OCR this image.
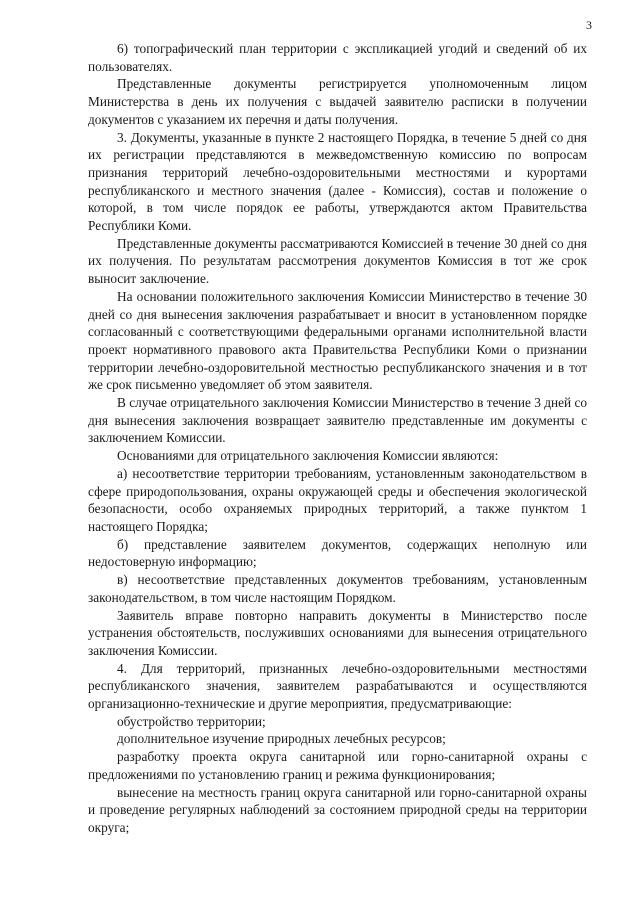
3

6) топографический план территории с экспликацией угодий и сведений об их пользователях.

Представленные документы регистрируется уполномоченным лицом Министерства в день их получения с выдачей заявителю расписки в получении документов с указанием их перечня и даты получения.

3. Документы, указанные в пункте 2 настоящего Порядка, в течение 5 дней со дня их регистрации представляются в межведомственную комиссию по вопросам признания территорий лечебно-оздоровительными местностями и курортами республиканского и местного значения (далее - Комиссия), состав и положение о которой, в том числе порядок ее работы, утверждаются актом Правительства Республики Коми.

Представленные документы рассматриваются Комиссией в течение 30 дней со дня их получения. По результатам рассмотрения документов Комиссия в тот же срок выносит заключение.

На основании положительного заключения Комиссии Министерство в течение 30 дней со дня вынесения заключения разрабатывает и вносит в установленном порядке согласованный с соответствующими федеральными органами исполнительной власти проект нормативного правового акта Правительства Республики Коми о признании территории лечебно-оздоровительной местностью республиканского значения и в тот же срок письменно уведомляет об этом заявителя.

В случае отрицательного заключения Комиссии Министерство в течение 3 дней со дня вынесения заключения возвращает заявителю представленные им документы с заключением Комиссии.

Основаниями для отрицательного заключения Комиссии являются:

а) несоответствие территории требованиям, установленным законодательством в сфере природопользования, охраны окружающей среды и обеспечения экологической безопасности, особо охраняемых природных территорий, а также пунктом 1 настоящего Порядка;

б) представление заявителем документов, содержащих неполную или недостоверную информацию;

в) несоответствие представленных документов требованиям, установленным законодательством, в том числе настоящим Порядком.

Заявитель вправе повторно направить документы в Министерство после устранения обстоятельств, послуживших основаниями для вынесения отрицательного заключения Комиссии.

4. Для территорий, признанных лечебно-оздоровительными местностями республиканского значения, заявителем разрабатываются и осуществляются организационно-технические и другие мероприятия, предусматривающие:

обустройство территории;

дополнительное изучение природных лечебных ресурсов;

разработку проекта округа санитарной или горно-санитарной охраны с предложениями по установлению границ и режима функционирования;

вынесение на местность границ округа санитарной или горно-санитарной охраны и проведение регулярных наблюдений за состоянием природной среды на территории округа;
